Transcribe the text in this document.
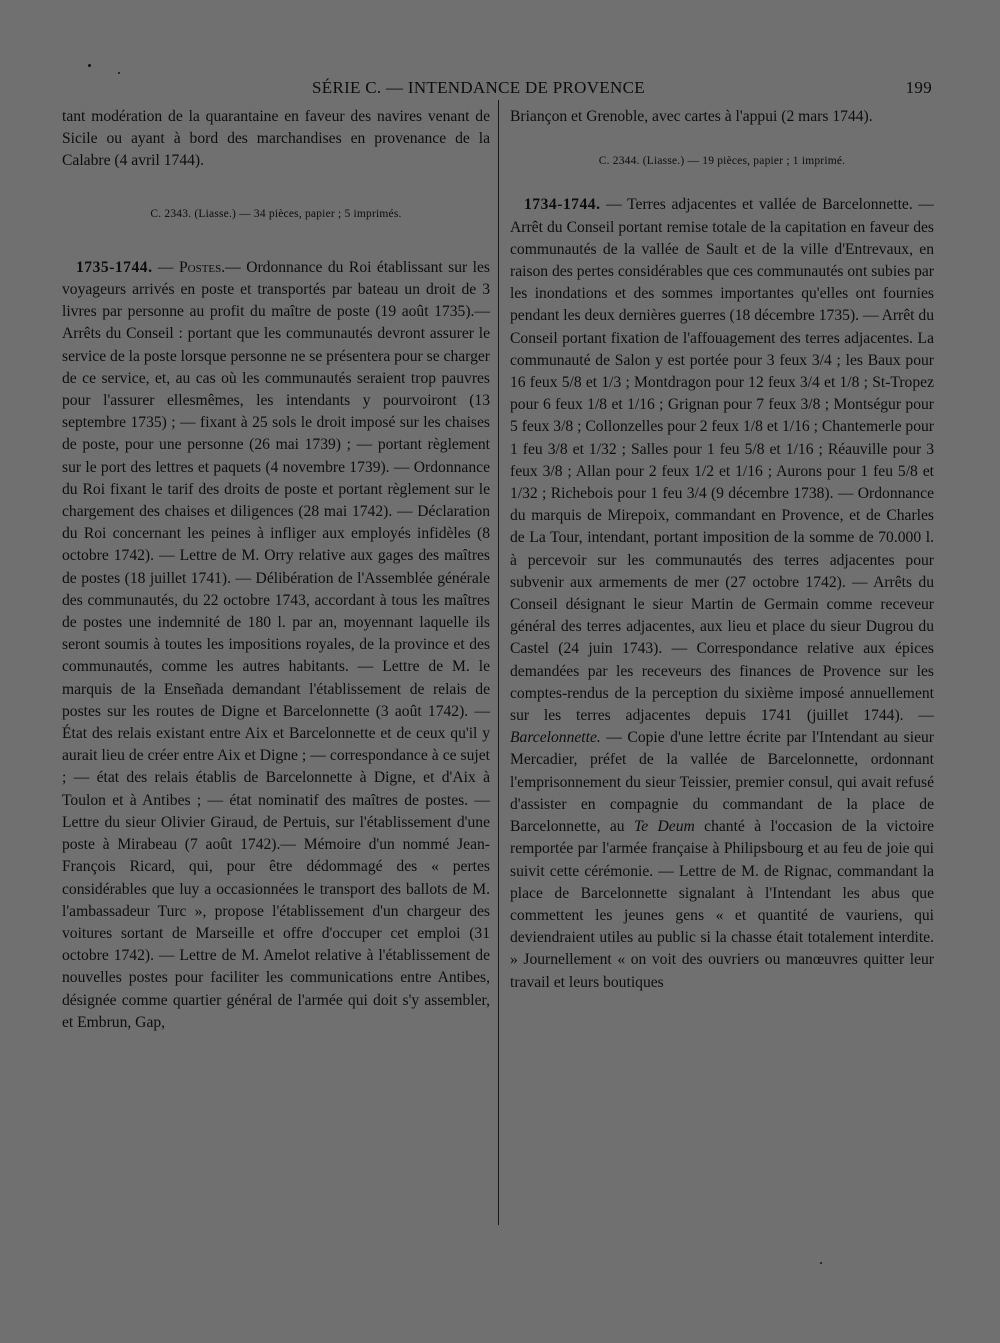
SÉRIE C. — INTENDANCE DE PROVENCE	199

tant modération de la quarantaine en faveur des navires venant de Sicile ou ayant à bord des marchandises en provenance de la Calabre (4 avril 1744).

C. 2343. (Liasse.) — 34 pièces, papier ; 5 imprimés.

1735-1744. — Postes.— Ordonnance du Roi établissant sur les voyageurs arrivés en poste et transportés par bateau un droit de 3 livres par personne au profit du maître de poste (19 août 1735).— Arrêts du Conseil : portant que les communautés devront assurer le service de la poste lorsque personne ne se présentera pour se charger de ce service, et, au cas où les communautés seraient trop pauvres pour l'assurer ellesmêmes, les intendants y pourvoiront (13 septembre 1735) ; — fixant à 25 sols le droit imposé sur les chaises de poste, pour une personne (26 mai 1739) ; — portant règlement sur le port des lettres et paquets (4 novembre 1739). — Ordonnance du Roi fixant le tarif des droits de poste et portant règlement sur le chargement des chaises et diligences (28 mai 1742). — Déclaration du Roi concernant les peines à infliger aux employés infidèles (8 octobre 1742). — Lettre de M. Orry relative aux gages des maîtres de postes (18 juillet 1741). — Délibération de l'Assemblée générale des communautés, du 22 octobre 1743, accordant à tous les maîtres de postes une indemnité de 180 l. par an, moyennant laquelle ils seront soumis à toutes les impositions royales, de la province et des communautés, comme les autres habitants. — Lettre de M. le marquis de la Enseñada demandant l'établissement de relais de postes sur les routes de Digne et Barcelonnette (3 août 1742). — État des relais existant entre Aix et Barcelonnette et de ceux qu'il y aurait lieu de créer entre Aix et Digne ; — correspondance à ce sujet ; — état des relais établis de Barcelonnette à Digne, et d'Aix à Toulon et à Antibes ; — état nominatif des maîtres de postes. — Lettre du sieur Olivier Giraud, de Pertuis, sur l'établissement d'une poste à Mirabeau (7 août 1742).— Mémoire d'un nommé Jean-François Ricard, qui, pour être dédommagé des « pertes considérables que luy a occasionnées le transport des ballots de M. l'ambassadeur Turc », propose l'établissement d'un chargeur des voitures sortant de Marseille et offre d'occuper cet emploi (31 octobre 1742). — Lettre de M. Amelot relative à l'établissement de nouvelles postes pour faciliter les communications entre Antibes, désignée comme quartier général de l'armée qui doit s'y assembler, et Embrun, Gap,

Briançon et Grenoble, avec cartes à l'appui (2 mars 1744).

C. 2344. (Liasse.) — 19 pièces, papier ; 1 imprimé.

1734-1744. — Terres adjacentes et vallée de Barcelonnette. — Arrêt du Conseil portant remise totale de la capitation en faveur des communautés de la vallée de Sault et de la ville d'Entrevaux, en raison des pertes considérables que ces communautés ont subies par les inondations et des sommes importantes qu'elles ont fournies pendant les deux dernières guerres (18 décembre 1735). — Arrêt du Conseil portant fixation de l'affouagement des terres adjacentes. La communauté de Salon y est portée pour 3 feux 3/4 ; les Baux pour 16 feux 5/8 et 1/3 ; Montdragon pour 12 feux 3/4 et 1/8 ; St-Tropez pour 6 feux 1/8 et 1/16 ; Grignan pour 7 feux 3/8 ; Montségur pour 5 feux 3/8 ; Collonzelles pour 2 feux 1/8 et 1/16 ; Chantemerle pour 1 feu 3/8 et 1/32 ; Salles pour 1 feu 5/8 et 1/16 ; Réauville pour 3 feux 3/8 ; Allan pour 2 feux 1/2 et 1/16 ; Aurons pour 1 feu 5/8 et 1/32 ; Richebois pour 1 feu 3/4 (9 décembre 1738). — Ordonnance du marquis de Mirepoix, commandant en Provence, et de Charles de La Tour, intendant, portant imposition de la somme de 70.000 l. à percevoir sur les communautés des terres adjacentes pour subvenir aux armements de mer (27 octobre 1742). — Arrêts du Conseil désignant le sieur Martin de Germain comme receveur général des terres adjacentes, aux lieu et place du sieur Dugrou du Castel (24 juin 1743). — Correspondance relative aux épices demandées par les receveurs des finances de Provence sur les comptes-rendus de la perception du sixième imposé annuellement sur les terres adjacentes depuis 1741 (juillet 1744). — Barcelonnette. — Copie d'une lettre écrite par l'Intendant au sieur Mercadier, préfet de la vallée de Barcelonnette, ordonnant l'emprisonnement du sieur Teissier, premier consul, qui avait refusé d'assister en compagnie du commandant de la place de Barcelonnette, au Te Deum chanté à l'occasion de la victoire remportée par l'armée française à Philipsbourg et au feu de joie qui suivit cette cérémonie. — Lettre de M. de Rignac, commandant la place de Barcelonnette signalant à l'Intendant les abus que commettent les jeunes gens « et quantité de vauriens, qui deviendraient utiles au public si la chasse était totalement interdite. » Journellement « on voit des ouvriers ou manœuvres quitter leur travail et leurs boutiques
